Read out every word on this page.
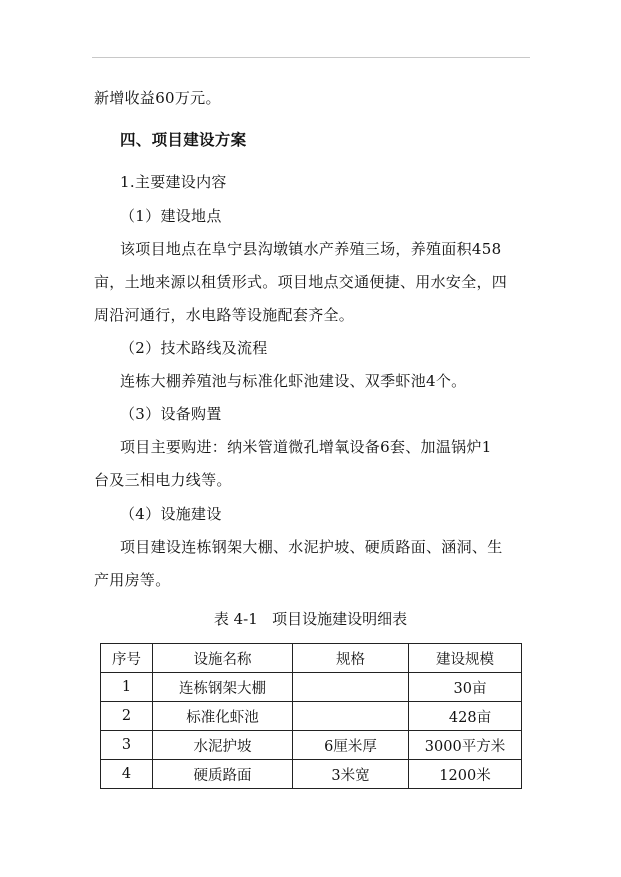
新增收益60万元。
四、项目建设方案
1.主要建设内容
（1）建设地点
该项目地点在阜宁县沟墩镇水产养殖三场，养殖面积458
亩，土地来源以租赁形式。项目地点交通便捷、用水安全，四
周沿河通行，水电路等设施配套齐全。
（2）技术路线及流程
连栋大棚养殖池与标准化虾池建设、双季虾池4个。
（3）设备购置
项目主要购进：纳米管道微孔增氧设备6套、加温锅炉1
台及三相电力线等。
（4）设施建设
项目建设连栋钢架大棚、水泥护坡、硬质路面、涵洞、生
产用房等。
表 4-1   项目设施建设明细表
序号	设施名称	规格	建设规模
1	连栋钢架大棚		30亩
2	标准化虾池		428亩
3	水泥护坡	6厘米厚	3000平方米
4	硬质路面	3米宽	1200米
